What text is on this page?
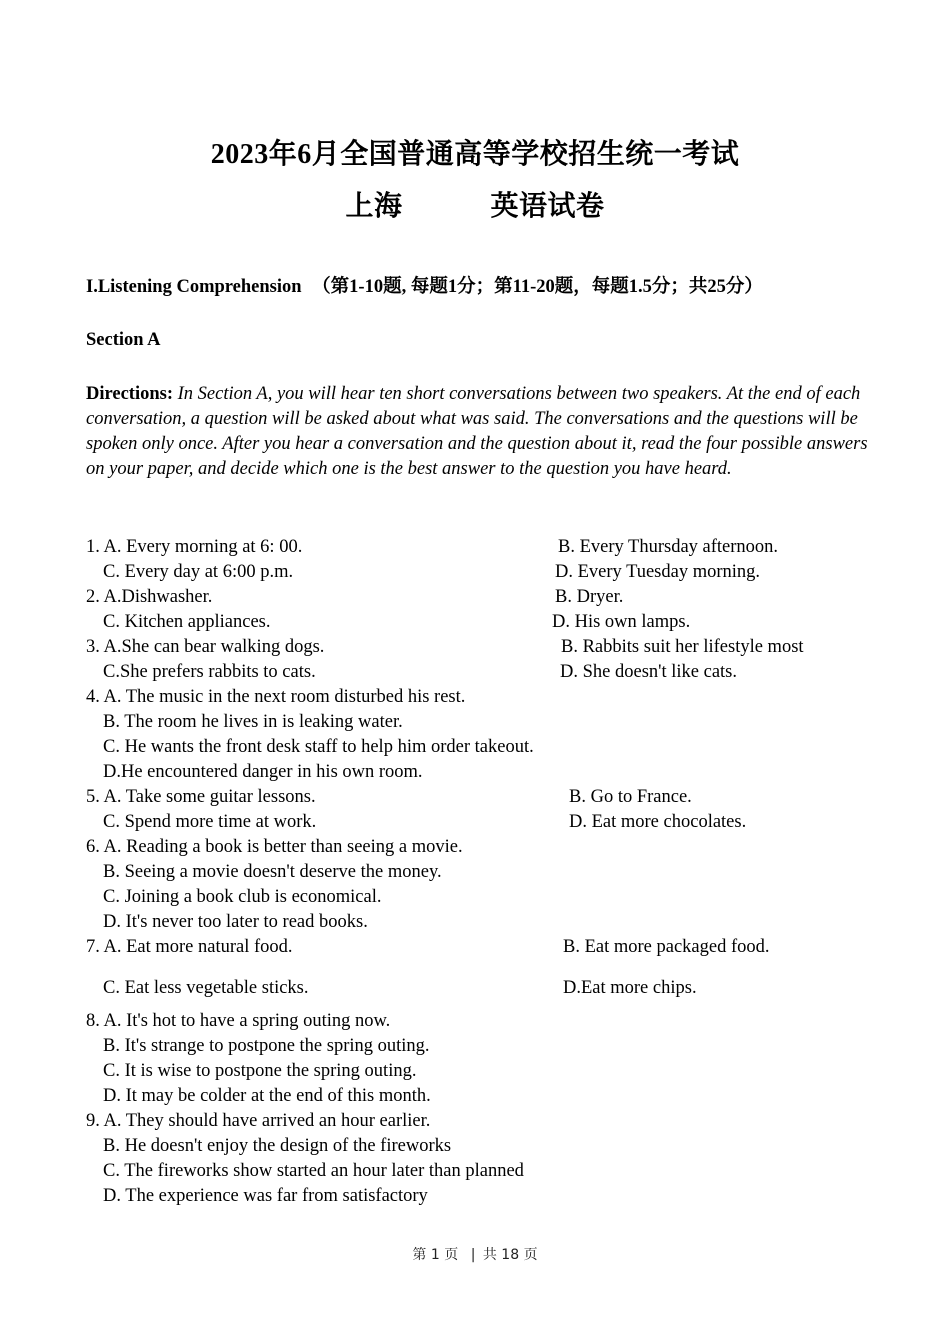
2023年6月全国普通高等学校招生统一考试
上海	英语试卷
I.Listening Comprehension （第1-10题, 每题1分；第11-20题，每题1.5分；共25分）
Section A
Directions: In Section A, you will hear ten short conversations between two speakers. At the end of each conversation, a question will be asked about what was said. The conversations and the questions will be spoken only once. After you hear a conversation and the question about it, read the four possible answers on your paper, and decide which one is the best answer to the question you have heard.
1. A. Every morning at 6: 00.	B. Every Thursday afternoon.
C. Every day at 6:00 p.m.	D. Every Tuesday morning.
2. A.Dishwasher.	B. Dryer.
C. Kitchen appliances.	D. His own lamps.
3. A.She can bear walking dogs.	B. Rabbits suit her lifestyle most
C.She prefers rabbits to cats.	D. She doesn't like cats.
4. A. The music in the next room disturbed his rest.
B. The room he lives in is leaking water.
C. He wants the front desk staff to help him order takeout.
D.He encountered danger in his own room.
5. A. Take some guitar lessons.	B. Go to France.
C. Spend more time at work.	D. Eat more chocolates.
6. A. Reading a book is better than seeing a movie.
B. Seeing a movie doesn't deserve the money.
C. Joining a book club is economical.
D. It's never too later to read books.
7. A. Eat more natural food.	B. Eat more packaged food.
C. Eat less vegetable sticks.	D.Eat more chips.
8. A. It's hot to have a spring outing now.
B. It's strange to postpone the spring outing.
C. It is wise to postpone the spring outing.
D. It may be colder at the end of this month.
9. A. They should have arrived an hour earlier.
B. He doesn't enjoy the design of the fireworks
C. The fireworks show started an hour later than planned
D. The experience was far from satisfactory
第 1 页 | 共 18 页
